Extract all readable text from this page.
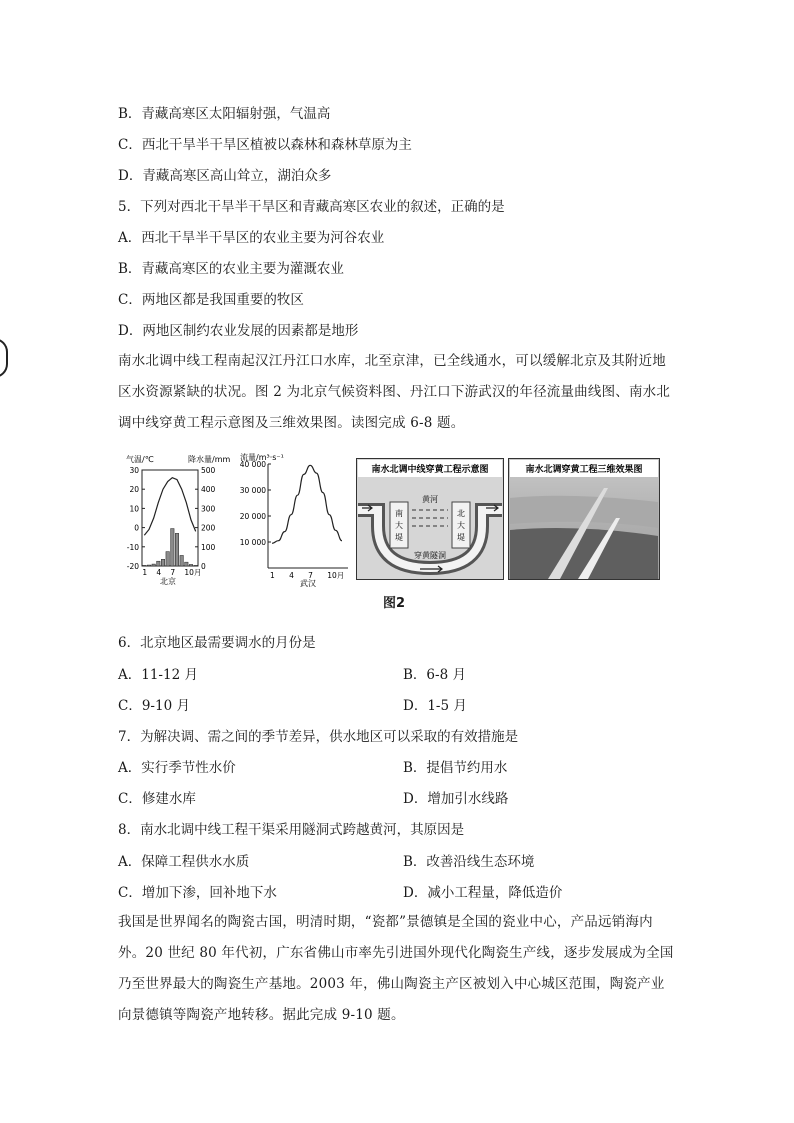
B．青藏高寒区太阳辐射强，气温高
C．西北干旱半干旱区植被以森林和森林草原为主
D．青藏高寒区高山耸立，湖泊众多
5．下列对西北干旱半干旱区和青藏高寒区农业的叙述，正确的是
A．西北干旱半干旱区的农业主要为河谷农业
B．青藏高寒区的农业主要为灌溉农业
C．两地区都是我国重要的牧区
D．两地区制约农业发展的因素都是地形
南水北调中线工程南起汉江丹江口水库，北至京津，已全线通水，可以缓解北京及其附近地区水资源紧缺的状况。图 2 为北京气候资料图、丹江口下游武汉的年径流量曲线图、南水北调中线穿黄工程示意图及三维效果图。读图完成 6-8 题。
气温/℃	降水量/mm
30
20
10
0
-10
-20
500
400
300
200
100
0
1 4 7 10月
北京
流量/m³·s⁻¹
40 000
30 000
20 000
10 000
1 4 7 10月
武汉
南水北调中线穿黄工程示意图
黄河
南
大
堤
北
大
堤
穿黄隧洞
南水北调穿黄工程三维效果图
图2
6．北京地区最需要调水的月份是
A．11-12 月	B．6-8 月
C．9-10 月	D．1-5 月
7．为解决调、需之间的季节差异，供水地区可以采取的有效措施是
A．实行季节性水价	B．提倡节约用水
C．修建水库	D．增加引水线路
8．南水北调中线工程干渠采用隧洞式跨越黄河，其原因是
A．保障工程供水水质	B．改善沿线生态环境
C．增加下渗，回补地下水	D．减小工程量，降低造价
我国是世界闻名的陶瓷古国，明清时期，“瓷都”景德镇是全国的瓷业中心，产品远销海内外。20 世纪 80 年代初，广东省佛山市率先引进国外现代化陶瓷生产线，逐步发展成为全国乃至世界最大的陶瓷生产基地。2003 年，佛山陶瓷主产区被划入中心城区范围，陶瓷产业向景德镇等陶瓷产地转移。据此完成 9-10 题。
